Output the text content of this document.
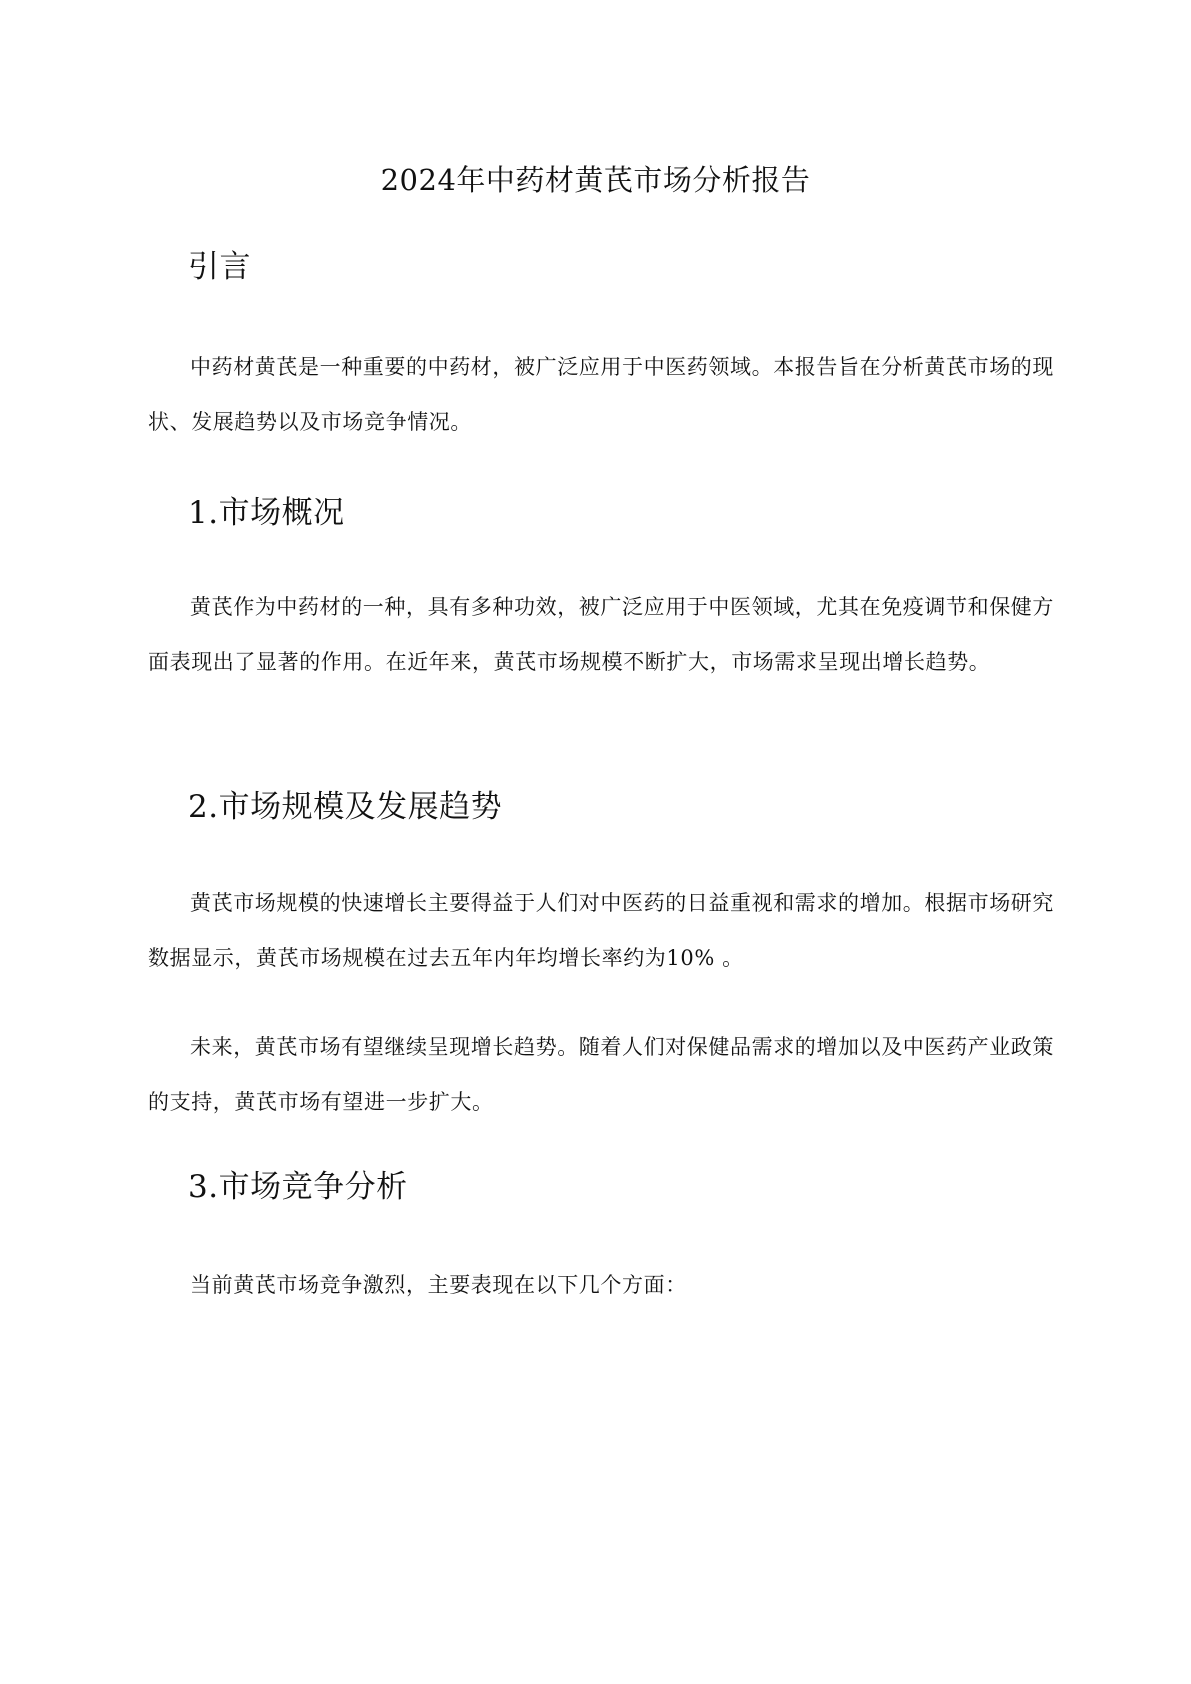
2024年中药材黄芪市场分析报告
引言

中药材黄芪是一种重要的中药材，被广泛应用于中医药领域。本报告旨在分析黄芪市场的现状、发展趋势以及市场竞争情况。

1.市场概况

黄芪作为中药材的一种，具有多种功效，被广泛应用于中医领域，尤其在免疫调节和保健方面表现出了显著的作用。在近年来，黄芪市场规模不断扩大，市场需求呈现出增长趋势。

2.市场规模及发展趋势

黄芪市场规模的快速增长主要得益于人们对中医药的日益重视和需求的增加。根据市场研究数据显示，黄芪市场规模在过去五年内年均增长率约为10% 。

未来，黄芪市场有望继续呈现增长趋势。随着人们对保健品需求的增加以及中医药产业政策的支持，黄芪市场有望进一步扩大。

3.市场竞争分析

当前黄芪市场竞争激烈，主要表现在以下几个方面：
